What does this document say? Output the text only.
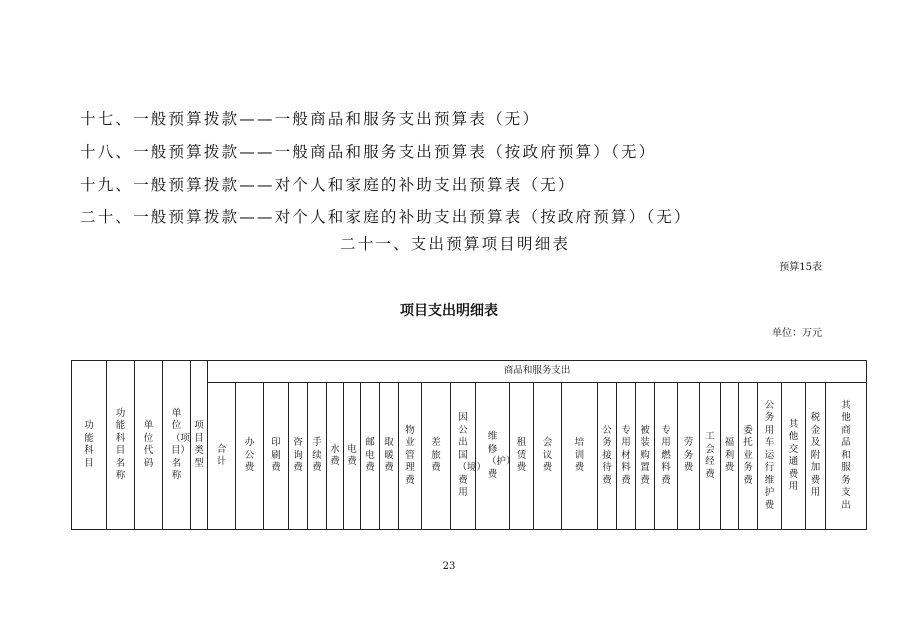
十七、一般预算拨款——一般商品和服务支出预算表（无）
十八、一般预算拨款——一般商品和服务支出预算表（按政府预算）（无）
十九、一般预算拨款——对个人和家庭的补助支出预算表（无）
二十、一般预算拨款——对个人和家庭的补助支出预算表（按政府预算）（无）
二十一、支出预算项目明细表
预算15表
项目支出明细表
单位：万元
功能科目	功能科目名称	单位代码	单位（项目）名称	项目类型	商品和服务支出																											
					合计	办公费	印刷费	咨询费	手续费	水费	电费	邮电费	取暖费	物业管理费	差旅费	因公出国（境）费用	维修（护）费	租赁费	会议费	培训费	公务接待费	专用材料费	被装购置费	专用燃料费	劳务费	工会经费	福利费	委托业务费	公务用车运行维护费	其他交通费用	税金及附加费用	其他商品和服务支出
23
